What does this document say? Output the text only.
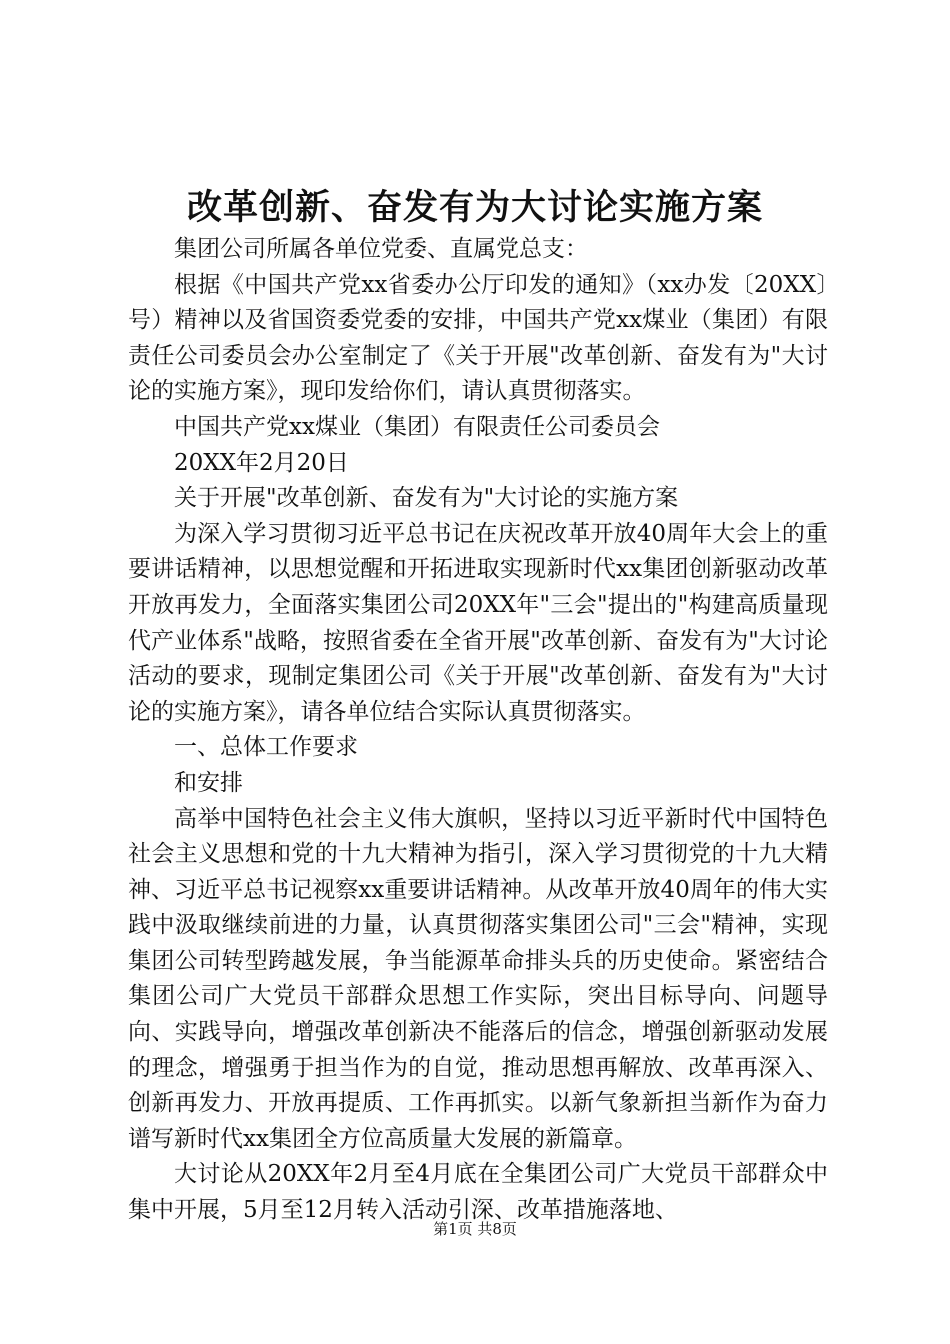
改革创新、奋发有为大讨论实施方案

集团公司所属各单位党委、直属党总支：

根据《中国共产党xx省委办公厅印发的通知》（xx办发〔20XX〕号）精神以及省国资委党委的安排，中国共产党xx煤业（集团）有限责任公司委员会办公室制定了《关于开展"改革创新、奋发有为"大讨论的实施方案》，现印发给你们，请认真贯彻落实。

中国共产党xx煤业（集团）有限责任公司委员会

20XX年2月20日

关于开展"改革创新、奋发有为"大讨论的实施方案

为深入学习贯彻习近平总书记在庆祝改革开放40周年大会上的重要讲话精神，以思想觉醒和开拓进取实现新时代xx集团创新驱动改革开放再发力，全面落实集团公司20XX年"三会"提出的"构建高质量现代产业体系"战略，按照省委在全省开展"改革创新、奋发有为"大讨论活动的要求，现制定集团公司《关于开展"改革创新、奋发有为"大讨论的实施方案》，请各单位结合实际认真贯彻落实。

一、总体工作要求

和安排

高举中国特色社会主义伟大旗帜，坚持以习近平新时代中国特色社会主义思想和党的十九大精神为指引，深入学习贯彻党的十九大精神、习近平总书记视察xx重要讲话精神。从改革开放40周年的伟大实践中汲取继续前进的力量，认真贯彻落实集团公司"三会"精神，实现集团公司转型跨越发展，争当能源革命排头兵的历史使命。紧密结合集团公司广大党员干部群众思想工作实际，突出目标导向、问题导向、实践导向，增强改革创新决不能落后的信念，增强创新驱动发展的理念，增强勇于担当作为的自觉，推动思想再解放、改革再深入、创新再发力、开放再提质、工作再抓实。以新气象新担当新作为奋力谱写新时代xx集团全方位高质量大发展的新篇章。

大讨论从20XX年2月至4月底在全集团公司广大党员干部群众中集中开展，5月至12月转入活动引深、改革措施落地、

第1页 共8页
